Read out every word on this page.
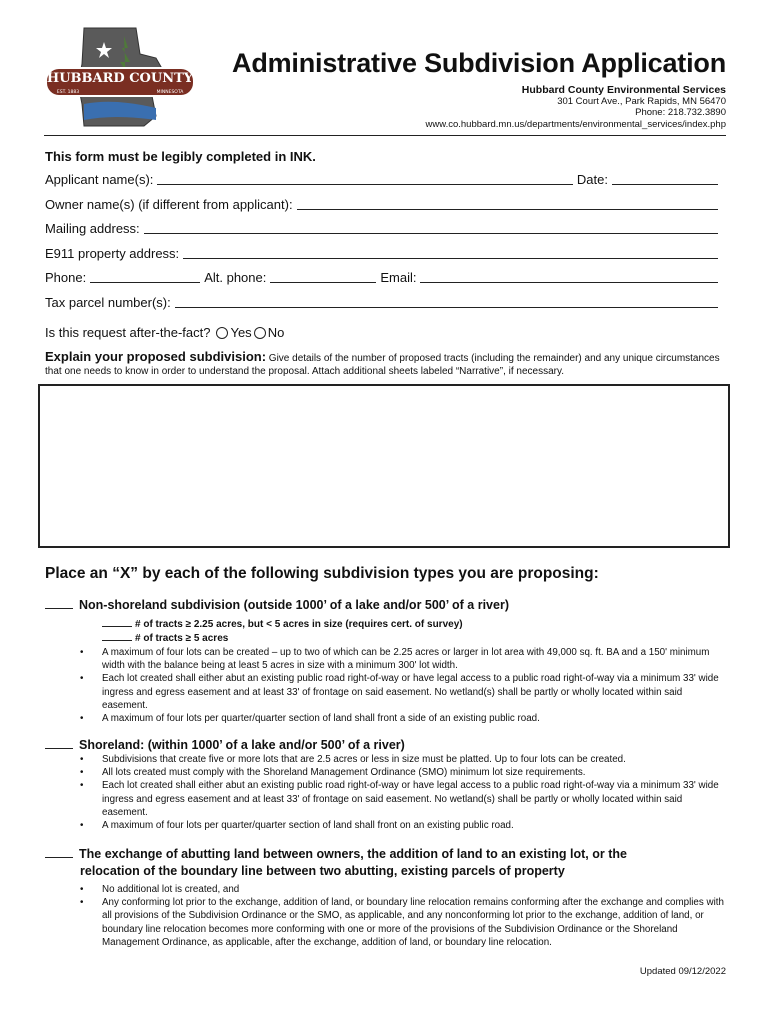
HUBBARD COUNTY
EST. 1883	MINNESOTA
Administrative Subdivision Application
Hubbard County Environmental Services
301 Court Ave., Park Rapids, MN 56470
Phone: 218.732.3890
www.co.hubbard.mn.us/departments/environmental_services/index.php
This form must be legibly completed in INK.
Applicant name(s):	Date:
Owner name(s) (if different from applicant):
Mailing address:
E911 property address:
Phone:	Alt. phone:	Email:
Tax parcel number(s):
Is this request after-the-fact? Yes No
Explain your proposed subdivision: Give details of the number of proposed tracts (including the remainder) and any unique circumstances that one needs to know in order to understand the proposal. Attach additional sheets labeled “Narrative”, if necessary.
Place an “X” by each of the following subdivision types you are proposing:
Non-shoreland subdivision (outside 1000’ of a lake and/or 500’ of a river)
# of tracts ≥ 2.25 acres, but < 5 acres in size (requires cert. of survey)
# of tracts ≥ 5 acres
• A maximum of four lots can be created – up to two of which can be 2.25 acres or larger in lot area with 49,000 sq. ft. BA and a 150' minimum width with the balance being at least 5 acres in size with a minimum 300' lot width.
• Each lot created shall either abut an existing public road right-of-way or have legal access to a public road right-of-way via a minimum 33' wide ingress and egress easement and at least 33' of frontage on said easement. No wetland(s) shall be partly or wholly located within said easement.
• A maximum of four lots per quarter/quarter section of land shall front a side of an existing public road.
Shoreland: (within 1000’ of a lake and/or 500’ of a river)
• Subdivisions that create five or more lots that are 2.5 acres or less in size must be platted. Up to four lots can be created.
• All lots created must comply with the Shoreland Management Ordinance (SMO) minimum lot size requirements.
• Each lot created shall either abut an existing public road right-of-way or have legal access to a public road right-of-way via a minimum 33' wide ingress and egress easement and at least 33' of frontage on said easement. No wetland(s) shall be partly or wholly located within said easement.
• A maximum of four lots per quarter/quarter section of land shall front on an existing public road.
The exchange of abutting land between owners, the addition of land to an existing lot, or the
relocation of the boundary line between two abutting, existing parcels of property
• No additional lot is created, and
• Any conforming lot prior to the exchange, addition of land, or boundary line relocation remains conforming after the exchange and complies with all provisions of the Subdivision Ordinance or the SMO, as applicable, and any nonconforming lot prior to the exchange, addition of land, or boundary line relocation becomes more conforming with one or more of the provisions of the Subdivision Ordinance or the Shoreland Management Ordinance, as applicable, after the exchange, addition of land, or boundary line relocation.
Updated 09/12/2022
